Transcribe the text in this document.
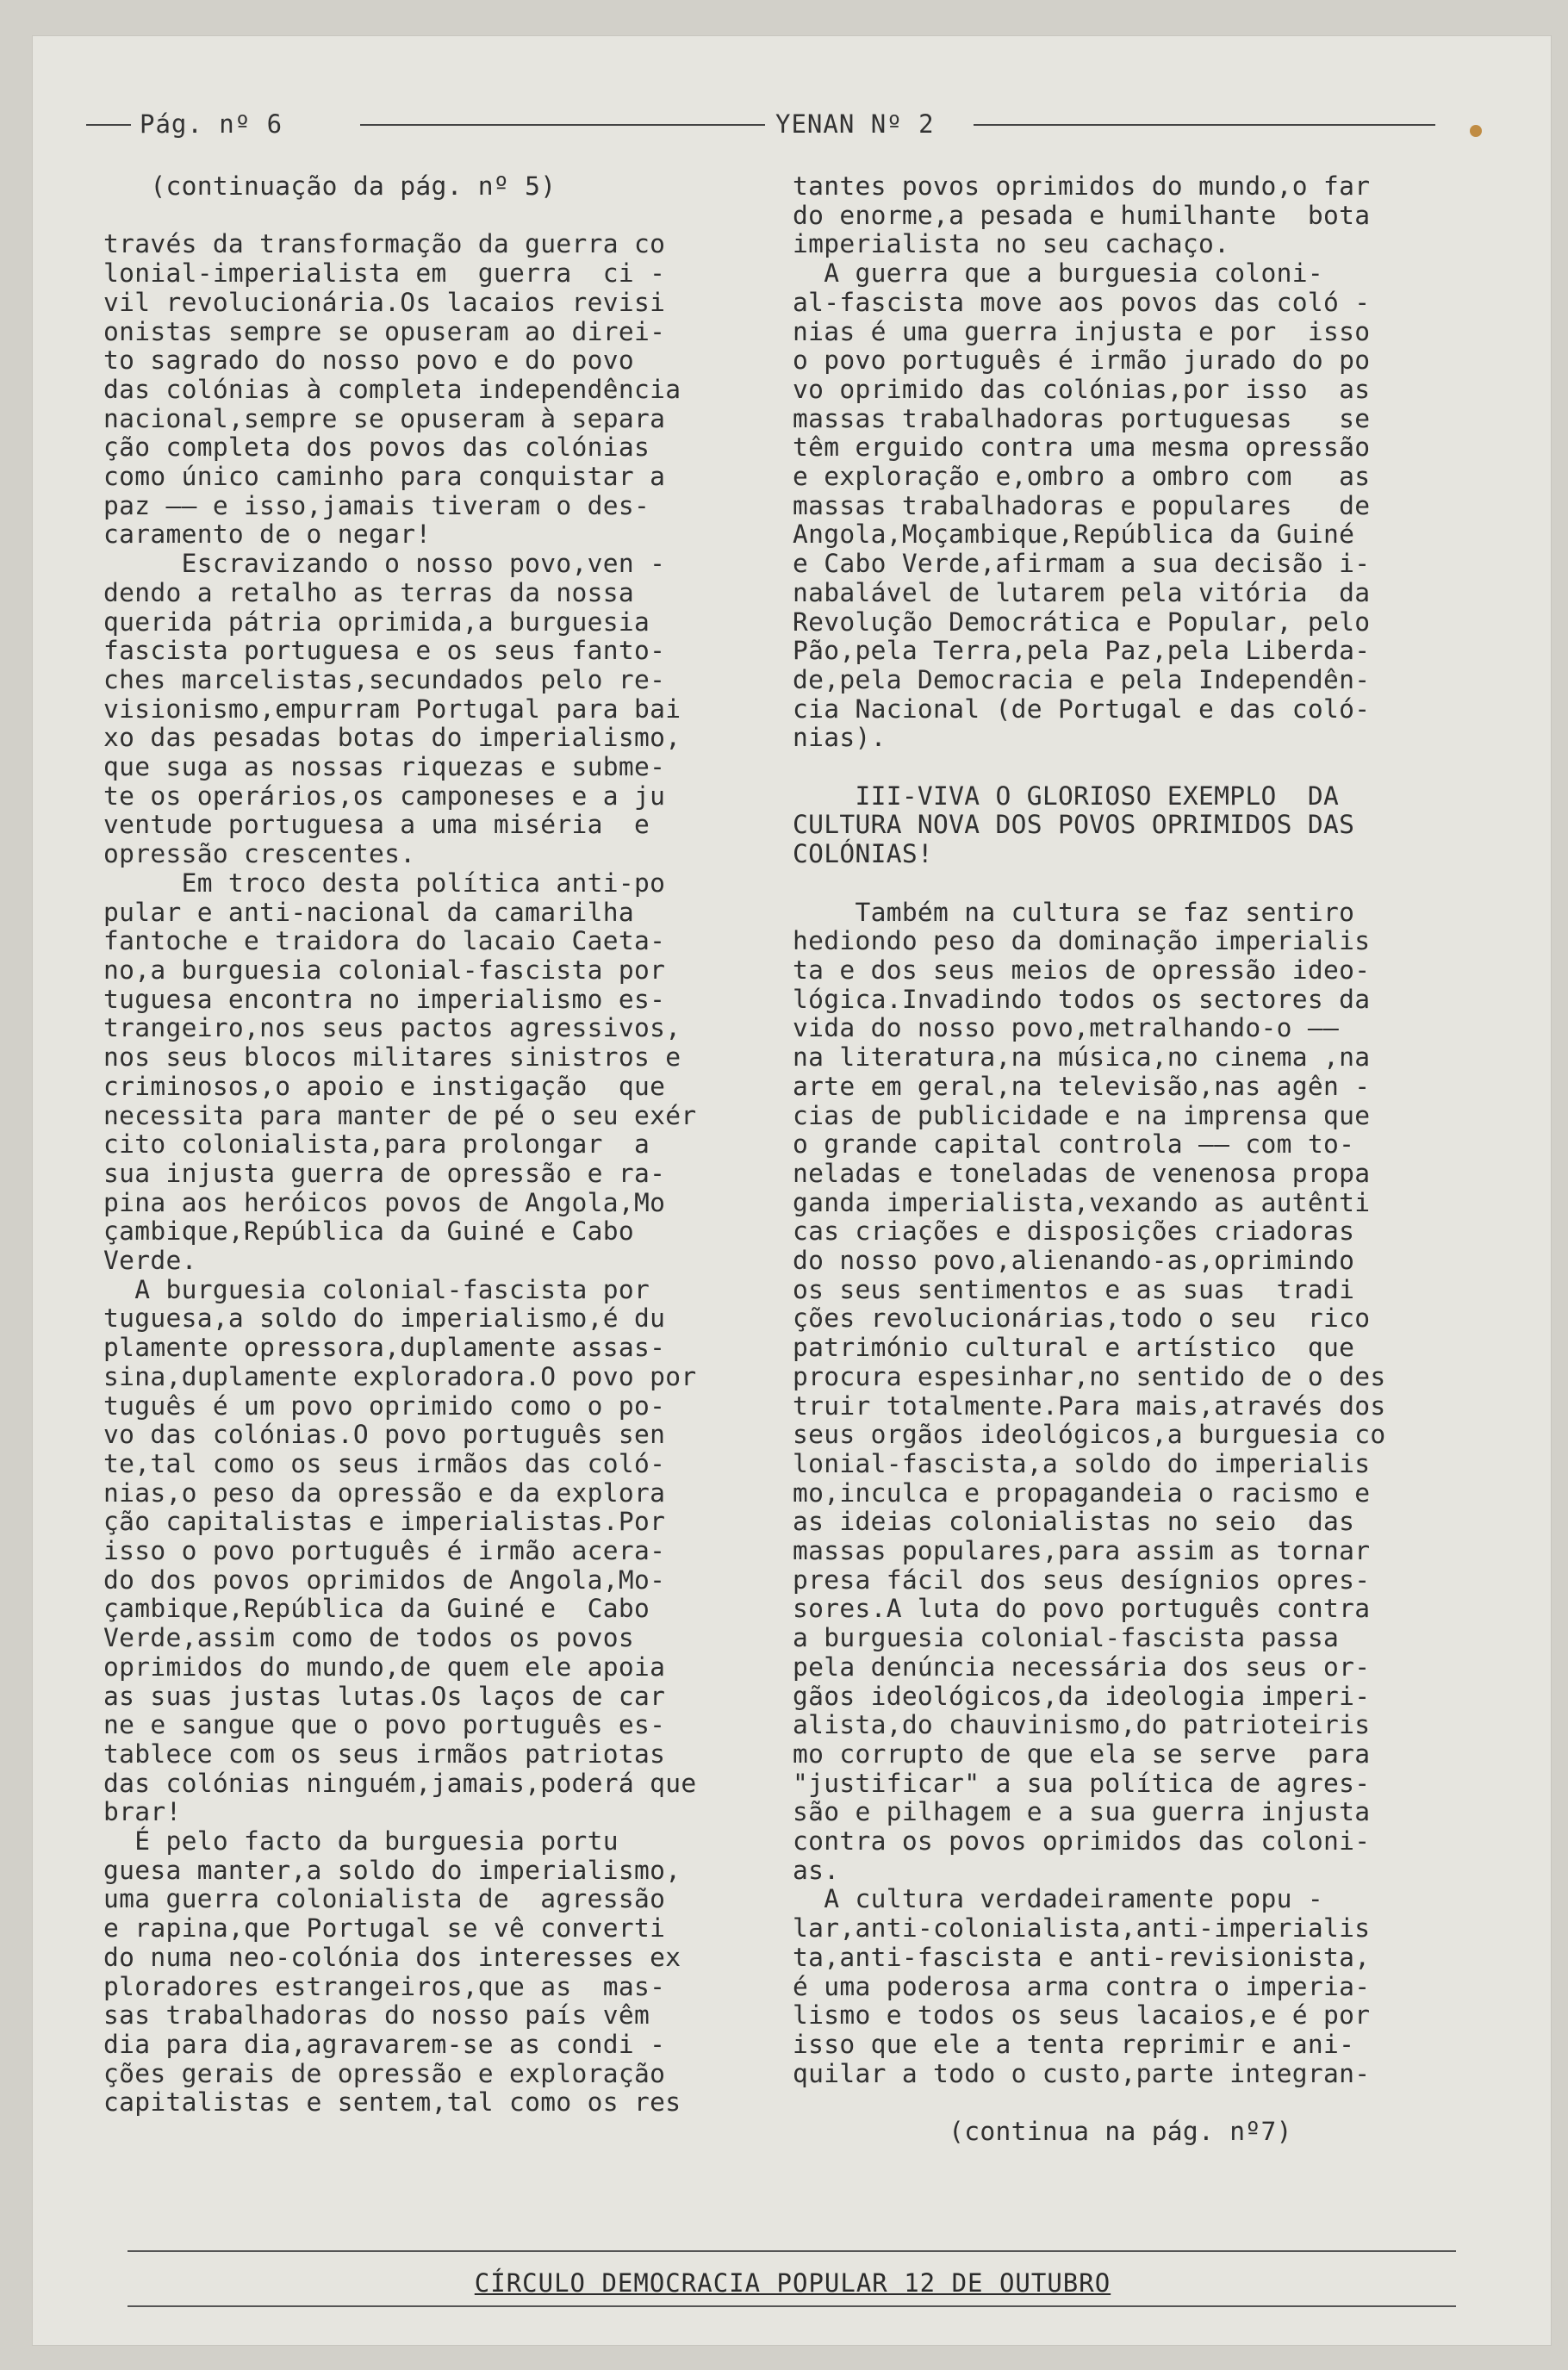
Pág. nº 6	YENAN Nº 2

(continuação da pág. nº 5)

través da transformação da guerra co

lonial-imperialista em  guerra  ci -

vil revolucionária.Os lacaios revisi

onistas sempre se opuseram ao direi-

to sagrado do nosso povo e do povo

das colónias à completa independência

nacional,sempre se opuseram à separa

ção completa dos povos das colónias

como único caminho para conquistar a

paz —— e isso,jamais tiveram o des-

caramento de o negar!

Escravizando o nosso povo,ven -

dendo a retalho as terras da nossa

querida pátria oprimida,a burguesia

fascista portuguesa e os seus fanto-

ches marcelistas,secundados pelo re-

visionismo,empurram Portugal para bai

xo das pesadas botas do imperialismo,

que suga as nossas riquezas e subme-

te os operários,os camponeses e a ju

ventude portuguesa a uma miséria  e

opressão crescentes.

Em troco desta política anti-po

pular e anti-nacional da camarilha

fantoche e traidora do lacaio Caeta-

no,a burguesia colonial-fascista por

tuguesa encontra no imperialismo es-

trangeiro,nos seus pactos agressivos,

nos seus blocos militares sinistros e

criminosos,o apoio e instigação  que

necessita para manter de pé o seu exér

cito colonialista,para prolongar  a

sua injusta guerra de opressão e ra-

pina aos heróicos povos de Angola,Mo

çambique,República da Guiné e Cabo

Verde.

A burguesia colonial-fascista por

tuguesa,a soldo do imperialismo,é du

plamente opressora,duplamente assas-

sina,duplamente exploradora.O povo por

tuguês é um povo oprimido como o po-

vo das colónias.O povo português sen

te,tal como os seus irmãos das coló-

nias,o peso da opressão e da explora

ção capitalistas e imperialistas.Por

isso o povo português é irmão acera-

do dos povos oprimidos de Angola,Mo-

çambique,República da Guiné e  Cabo

Verde,assim como de todos os povos

oprimidos do mundo,de quem ele apoia

as suas justas lutas.Os laços de car

ne e sangue que o povo português es-

tablece com os seus irmãos patriotas

das colónias ninguém,jamais,poderá que

brar!

É pelo facto da burguesia portu

guesa manter,a soldo do imperialismo,

uma guerra colonialista de  agressão

e rapina,que Portugal se vê converti

do numa neo-colónia dos interesses ex

ploradores estrangeiros,que as  mas-

sas trabalhadoras do nosso país vêm

dia para dia,agravarem-se as condi -

ções gerais de opressão e exploração

capitalistas e sentem,tal como os res

tantes povos oprimidos do mundo,o far

do enorme,a pesada e humilhante  bota

imperialista no seu cachaço.

A guerra que a burguesia coloni-

al-fascista move aos povos das coló -

nias é uma guerra injusta e por  isso

o povo português é irmão jurado do po

vo oprimido das colónias,por isso  as

massas trabalhadoras portuguesas   se

têm erguido contra uma mesma opressão

e exploração e,ombro a ombro com   as

massas trabalhadoras e populares   de

Angola,Moçambique,República da Guiné

e Cabo Verde,afirmam a sua decisão i-

nabalável de lutarem pela vitória  da

Revolução Democrática e Popular, pelo

Pão,pela Terra,pela Paz,pela Liberda-

de,pela Democracia e pela Independên-

cia Nacional (de Portugal e das coló-

nias).

III-VIVA O GLORIOSO EXEMPLO  DA

CULTURA NOVA DOS POVOS OPRIMIDOS DAS

COLÓNIAS!

Também na cultura se faz sentiro

hediondo peso da dominação imperialis

ta e dos seus meios de opressão ideo-

lógica.Invadindo todos os sectores da

vida do nosso povo,metralhando-o ——

na literatura,na música,no cinema ,na

arte em geral,na televisão,nas agên -

cias de publicidade e na imprensa que

o grande capital controla —— com to-

neladas e toneladas de venenosa propa

ganda imperialista,vexando as autênti

cas criações e disposições criadoras

do nosso povo,alienando-as,oprimindo

os seus sentimentos e as suas  tradi

ções revolucionárias,todo o seu  rico

património cultural e artístico  que

procura espesinhar,no sentido de o des

truir totalmente.Para mais,através dos

seus orgãos ideológicos,a burguesia co

lonial-fascista,a soldo do imperialis

mo,inculca e propagandeia o racismo e

as ideias colonialistas no seio  das

massas populares,para assim as tornar

presa fácil dos seus desígnios opres-

sores.A luta do povo português contra

a burguesia colonial-fascista passa

pela denúncia necessária dos seus or-

gãos ideológicos,da ideologia imperi-

alista,do chauvinismo,do patrioteiris

mo corrupto de que ela se serve  para

"justificar" a sua política de agres-

são e pilhagem e a sua guerra injusta

contra os povos oprimidos das coloni-

as.

A cultura verdadeiramente popu -

lar,anti-colonialista,anti-imperialis

ta,anti-fascista e anti-revisionista,

é uma poderosa arma contra o imperia-

lismo e todos os seus lacaios,e é por

isso que ele a tenta reprimir e ani-

quilar a todo o custo,parte integran-

(continua na pág. nº7)

CÍRCULO DEMOCRACIA POPULAR 12 DE OUTUBRO
